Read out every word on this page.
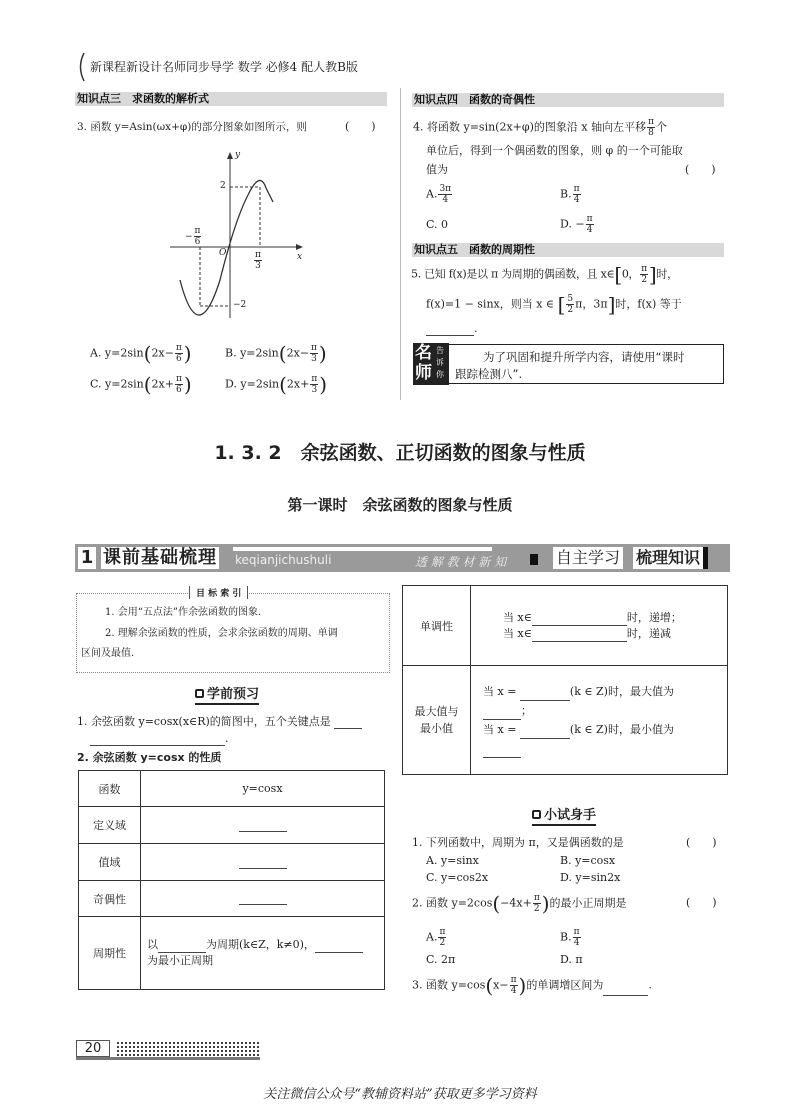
新课程新设计名师同步导学 数学 必修4 配人教B版
知识点三　求函数的解析式
3. 函数 y=Asin(ωx+φ)的部分图象如图所示，则	(　　)
y
x
O
2
−2
− $\frac{\pi}{6}$
$\frac{\pi}{3}$
A. $y=2\sin(2x- \frac{\pi}{6}$ )	B. $y=2\sin(2x- \frac{\pi}{3}$ )
C. $y=2\sin(2x+ \frac{\pi}{6}$ )	D. $y=2\sin(2x+ \frac{\pi}{3}$ )
知识点四　函数的奇偶性
4. 将函数 y=sin(2x+φ)的图象沿 x 轴向左平移 $\frac{\pi}{8}$ 个
单位后，得到一个偶函数的图象，则 φ 的一个可能取
值为	(　　)
A. $\frac{3\pi}{4}$	B. $\frac{\pi}{4}$
C. 0	D. − $\frac{\pi}{4}$
知识点五　函数的周期性
5. 已知 f(x)是以 π 为周期的偶函数，且 x∈[0， $\frac{\pi}{2}$ ]时，
f(x)=1 − sinx，则当 x ∈ [ $\frac{5}{2}$ π，3π]时，f(x) 等于
.
名
师
告诉你
为了巩固和提升所学内容，请使用“课时
跟踪检测八”.
1. 3. 2　余弦函数、正切函数的图象与性质
第一课时　余弦函数的图象与性质
1 课前基础梳理 keqianjichushuli	透 解 教 材 新 知	自主学习 梳理知识
目 标 索 引
1. 会用“五点法”作余弦函数的图象.
2. 理解余弦函数的性质，会求余弦函数的周期、单调
区间及最值.
学前预习
1. 余弦函数 y=cosx(x∈R)的简图中，五个关键点是
.
2. 余弦函数 y=cosx 的性质
函数	y=cosx
定义域	
值域	
奇偶性	
周期性	以 为周期(k∈Z，k≠0)，
为最小正周期
单调性	当 x∈ 时，递增；
当 x∈ 时，递减
最大值与
最小值	当 x = (k ∈ Z)时，最大值为
；
当 x = (k ∈ Z)时，最小值为

小试身手
1. 下列函数中，周期为 π，又是偶函数的是	(　　)
A. y=sinx	B. y=cosx
C. y=cos2x	D. y=sin2x
2. 函数 $y=2\cos(-4x+ \frac{\pi}{2}$ )的最小正周期是	(　　)
A. $\frac{\pi}{2}$	B. $\frac{\pi}{4}$
C. 2π	D. π
3. 函数 $y=\cos(x- \frac{\pi}{4}$ )的单调增区间为	.
20
关注微信公众号“教辅资料站”获取更多学习资料
